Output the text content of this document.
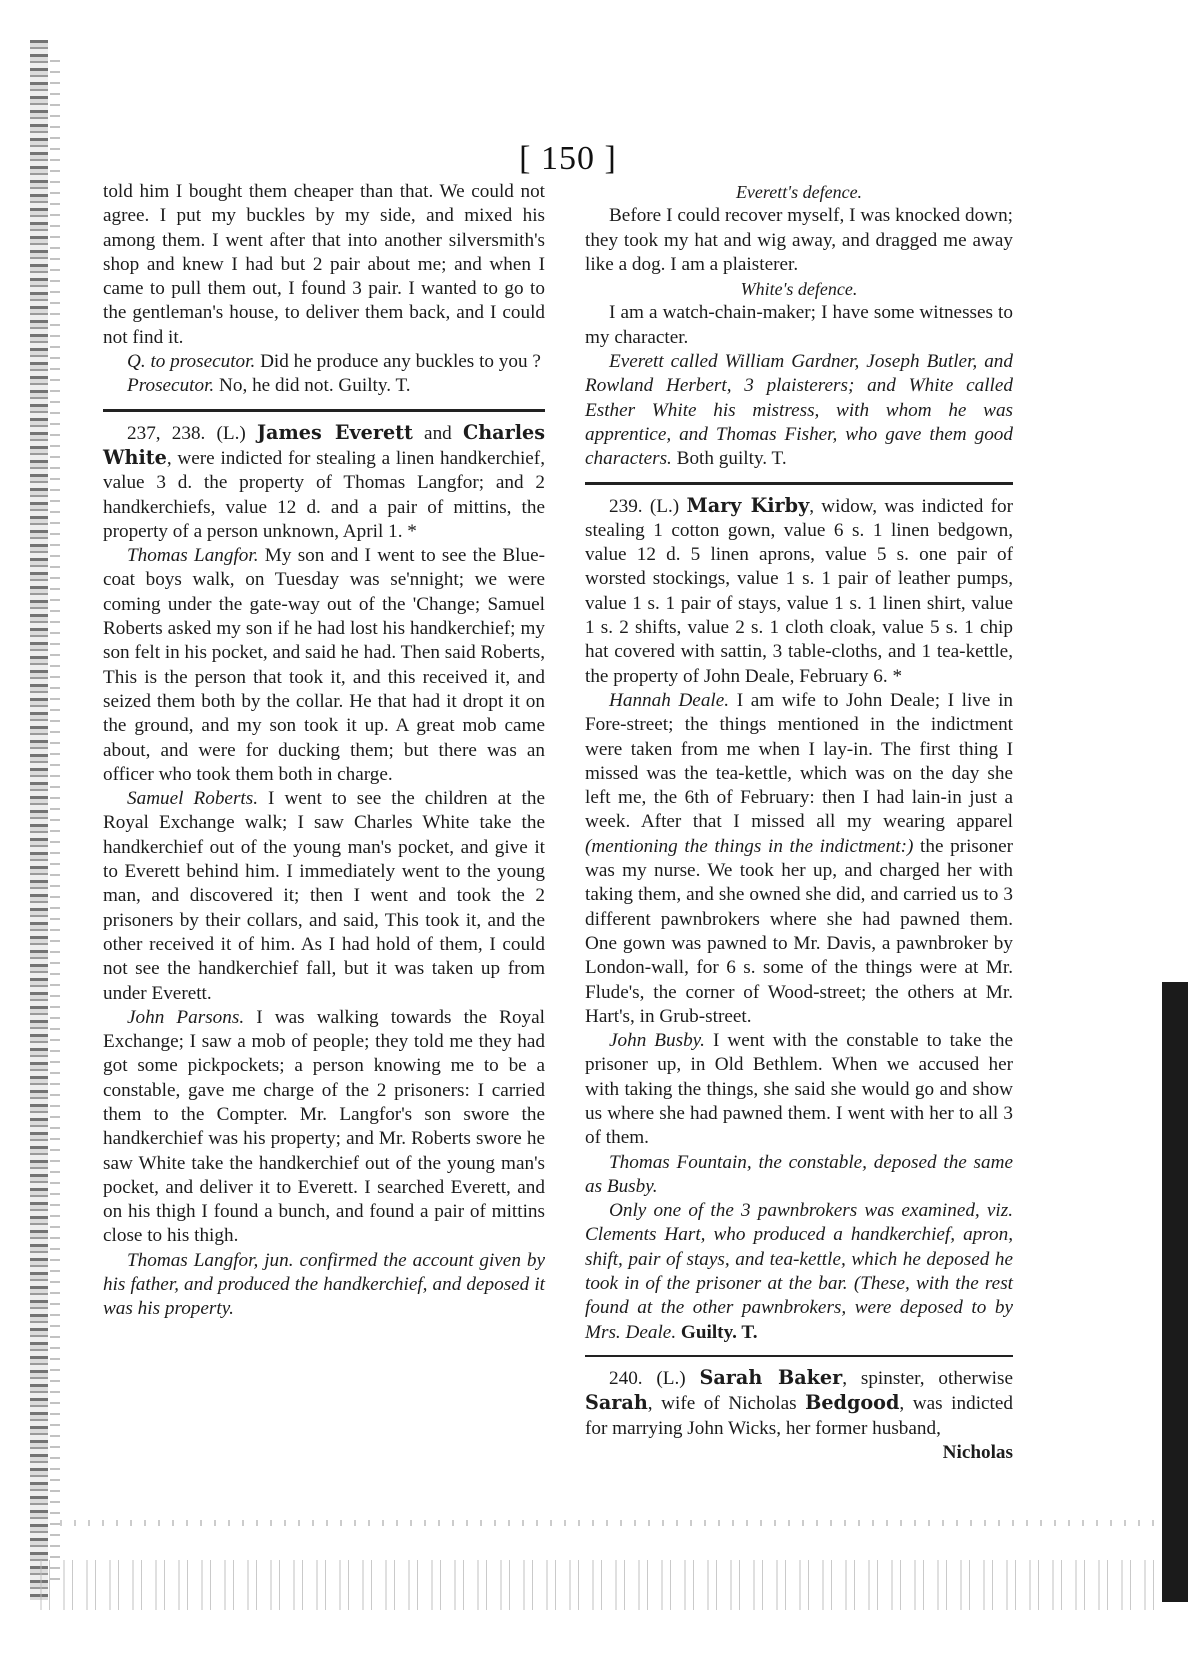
[ 150 ]

told him I bought them cheaper than that. We could not agree. I put my buckles by my side, and mixed his among them. I went after that into another silversmith's shop and knew I had but 2 pair about me; and when I came to pull them out, I found 3 pair. I wanted to go to the gentleman's house, to deliver them back, and I could not find it.

Q. to prosecutor. Did he produce any buckles to you ?

Prosecutor. No, he did not. Guilty. T.

237, 238. (L.) James Everett and Charles White, were indicted for stealing a linen handkerchief, value 3 d. the property of Thomas Langfor; and 2 handkerchiefs, value 12 d. and a pair of mittins, the property of a person unknown, April 1. *

Thomas Langfor. My son and I went to see the Blue-coat boys walk, on Tuesday was se'nnight; we were coming under the gate-way out of the 'Change; Samuel Roberts asked my son if he had lost his handkerchief; my son felt in his pocket, and said he had. Then said Roberts, This is the person that took it, and this received it, and seized them both by the collar. He that had it dropt it on the ground, and my son took it up. A great mob came about, and were for ducking them; but there was an officer who took them both in charge.

Samuel Roberts. I went to see the children at the Royal Exchange walk; I saw Charles White take the handkerchief out of the young man's pocket, and give it to Everett behind him. I immediately went to the young man, and discovered it; then I went and took the 2 prisoners by their collars, and said, This took it, and the other received it of him. As I had hold of them, I could not see the handkerchief fall, but it was taken up from under Everett.

John Parsons. I was walking towards the Royal Exchange; I saw a mob of people; they told me they had got some pickpockets; a person knowing me to be a constable, gave me charge of the 2 prisoners: I carried them to the Compter. Mr. Langfor's son swore the handkerchief was his property; and Mr. Roberts swore he saw White take the handkerchief out of the young man's pocket, and deliver it to Everett. I searched Everett, and on his thigh I found a bunch, and found a pair of mittins close to his thigh.

Thomas Langfor, jun. confirmed the account given by his father, and produced the handkerchief, and deposed it was his property.

Everett's defence.

Before I could recover myself, I was knocked down; they took my hat and wig away, and dragged me away like a dog. I am a plaisterer.

White's defence.

I am a watch-chain-maker; I have some witnesses to my character.

Everett called William Gardner, Joseph Butler, and Rowland Herbert, 3 plaisterers; and White called Esther White his mistress, with whom he was apprentice, and Thomas Fisher, who gave them good characters. Both guilty. T.

239. (L.) Mary Kirby, widow, was indicted for stealing 1 cotton gown, value 6 s. 1 linen bedgown, value 12 d. 5 linen aprons, value 5 s. one pair of worsted stockings, value 1 s. 1 pair of leather pumps, value 1 s. 1 pair of stays, value 1 s. 1 linen shirt, value 1 s. 2 shifts, value 2 s. 1 cloth cloak, value 5 s. 1 chip hat covered with sattin, 3 table-cloths, and 1 tea-kettle, the property of John Deale, February 6. *

Hannah Deale. I am wife to John Deale; I live in Fore-street; the things mentioned in the indictment were taken from me when I lay-in. The first thing I missed was the tea-kettle, which was on the day she left me, the 6th of February: then I had lain-in just a week. After that I missed all my wearing apparel (mentioning the things in the indictment:) the prisoner was my nurse. We took her up, and charged her with taking them, and she owned she did, and carried us to 3 different pawnbrokers where she had pawned them. One gown was pawned to Mr. Davis, a pawnbroker by London-wall, for 6 s. some of the things were at Mr. Flude's, the corner of Wood-street; the others at Mr. Hart's, in Grub-street.

John Busby. I went with the constable to take the prisoner up, in Old Bethlem. When we accused her with taking the things, she said she would go and show us where she had pawned them. I went with her to all 3 of them.

Thomas Fountain, the constable, deposed the same as Busby.

Only one of the 3 pawnbrokers was examined, viz. Clements Hart, who produced a handkerchief, apron, shift, pair of stays, and tea-kettle, which he deposed he took in of the prisoner at the bar. (These, with the rest found at the other pawnbrokers, were deposed to by Mrs. Deale. Guilty. T.

240. (L.) Sarah Baker, spinster, otherwise Sarah, wife of Nicholas Bedgood, was indicted for marrying John Wicks, her former husband,

Nicholas
